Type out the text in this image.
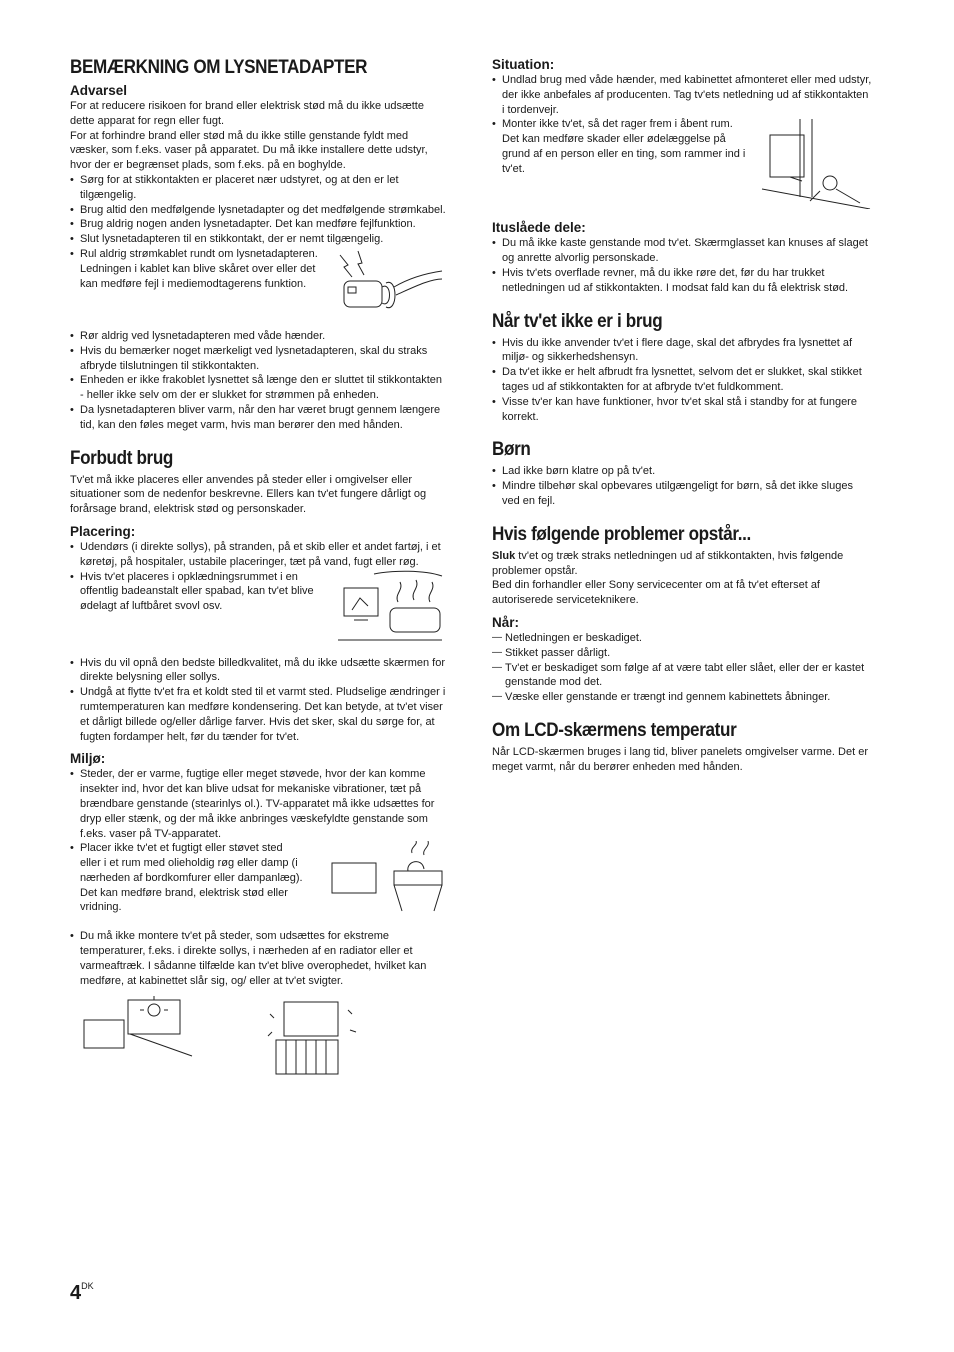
BEMÆRKNING OM LYSNETADAPTER
Advarsel

For at reducere risikoen for brand eller elektrisk stød må du ikke udsætte dette apparat for regn eller fugt.

For at forhindre brand eller stød må du ikke stille genstande fyldt med væsker, som f.eks. vaser på apparatet. Du må ikke installere dette udstyr, hvor der er begrænset plads, som f.eks. på en boghylde.

• Sørg for at stikkontakten er placeret nær udstyret, og at den er let tilgængelig.
• Brug altid den medfølgende lysnetadapter og det medfølgende strømkabel.
• Brug aldrig nogen anden lysnetadapter. Det kan medføre fejlfunktion.
• Slut lysnetadapteren til en stikkontakt, der er nemt tilgængelig.
• Rul aldrig strømkablet rundt om lysnetadapteren. Ledningen i kablet kan blive skåret over eller det kan medføre fejl i mediemodtagerens funktion.
• Rør aldrig ved lysnetadapteren med våde hænder.
• Hvis du bemærker noget mærkeligt ved lysnetadapteren, skal du straks afbryde tilslutningen til stikkontakten.
• Enheden er ikke frakoblet lysnettet så længe den er sluttet til stikkontakten - heller ikke selv om der er slukket for strømmen på enheden.
• Da lysnetadapteren bliver varm, når den har været brugt gennem længere tid, kan den føles meget varm, hvis man berører den med hånden.
Forbudt brug

Tv'et må ikke placeres eller anvendes på steder eller i omgivelser eller situationer som de nedenfor beskrevne. Ellers kan tv'et fungere dårligt og forårsage brand, elektrisk stød og personskader.

Placering:
• Udendørs (i direkte sollys), på stranden, på et skib eller et andet fartøj, i et køretøj, på hospitaler, ustabile placeringer, tæt på vand, fugt eller røg.
• Hvis tv'et placeres i opklædningsrummet i en offentlig badeanstalt eller spabad, kan tv'et blive ødelagt af luftbåret svovl osv.
• Hvis du vil opnå den bedste billedkvalitet, må du ikke udsætte skærmen for direkte belysning eller sollys.
• Undgå at flytte tv'et fra et koldt sted til et varmt sted. Pludselige ændringer i rumtemperaturen kan medføre kondensering. Det kan betyde, at tv'et viser et dårligt billede og/eller dårlige farver. Hvis det sker, skal du sørge for, at fugten fordamper helt, før du tænder for tv'et.
Miljø:
• Steder, der er varme, fugtige eller meget støvede, hvor der kan komme insekter ind, hvor det kan blive udsat for mekaniske vibrationer, tæt på brændbare genstande (stearinlys ol.). TV-apparatet må ikke udsættes for dryp eller stænk, og der må ikke anbringes væskefyldte genstande som f.eks. vaser på TV-apparatet.
• Placer ikke tv'et et fugtigt eller støvet sted eller i et rum med olieholdig røg eller damp (i nærheden af bordkomfurer eller dampanlæg). Det kan medføre brand, elektrisk stød eller vridning.
• Du må ikke montere tv'et på steder, som udsættes for ekstreme temperaturer, f.eks. i direkte sollys, i nærheden af en radiator eller et varmeaftræk. I sådanne tilfælde kan tv'et blive overophedet, hvilket kan medføre, at kabinettet slår sig, og/ eller at tv'et svigter.
Situation:
• Undlad brug med våde hænder, med kabinettet afmonteret eller med udstyr, der ikke anbefales af producenten. Tag tv'ets netledning ud af stikkontakten i tordenvejr.
• Monter ikke tv'et, så det rager frem i åbent rum. Det kan medføre skader eller ødelæggelse på grund af en person eller en ting, som rammer ind i tv'et.
Ituslåede dele:
• Du må ikke kaste genstande mod tv'et. Skærmglasset kan knuses af slaget og anrette alvorlig personskade.
• Hvis tv'ets overflade revner, må du ikke røre det, før du har trukket netledningen ud af stikkontakten. I modsat fald kan du få elektrisk stød.
Når tv'et ikke er i brug
• Hvis du ikke anvender tv'et i flere dage, skal det afbrydes fra lysnettet af miljø- og sikkerhedshensyn.
• Da tv'et ikke er helt afbrudt fra lysnettet, selvom det er slukket, skal stikket tages ud af stikkontakten for at afbryde tv'et fuldkomment.
• Visse tv'er kan have funktioner, hvor tv'et skal stå i standby for at fungere korrekt.
Børn
• Lad ikke børn klatre op på tv'et.
• Mindre tilbehør skal opbevares utilgængeligt for børn, så det ikke sluges ved en fejl.
Hvis følgende problemer opstår...

Sluk tv'et og træk straks netledningen ud af stikkontakten, hvis følgende problemer opstår.

Bed din forhandler eller Sony servicecenter om at få tv'et efterset af autoriserede serviceteknikere.

Når:
— Netledningen er beskadiget.
— Stikket passer dårligt.
— Tv'et er beskadiget som følge af at være tabt eller slået, eller der er kastet genstande mod det.
— Væske eller genstande er trængt ind gennem kabinettets åbninger.
Om LCD-skærmens temperatur

Når LCD-skærmen bruges i lang tid, bliver panelets omgivelser varme. Det er meget varmt, når du berører enheden med hånden.

$4^{DK}$
